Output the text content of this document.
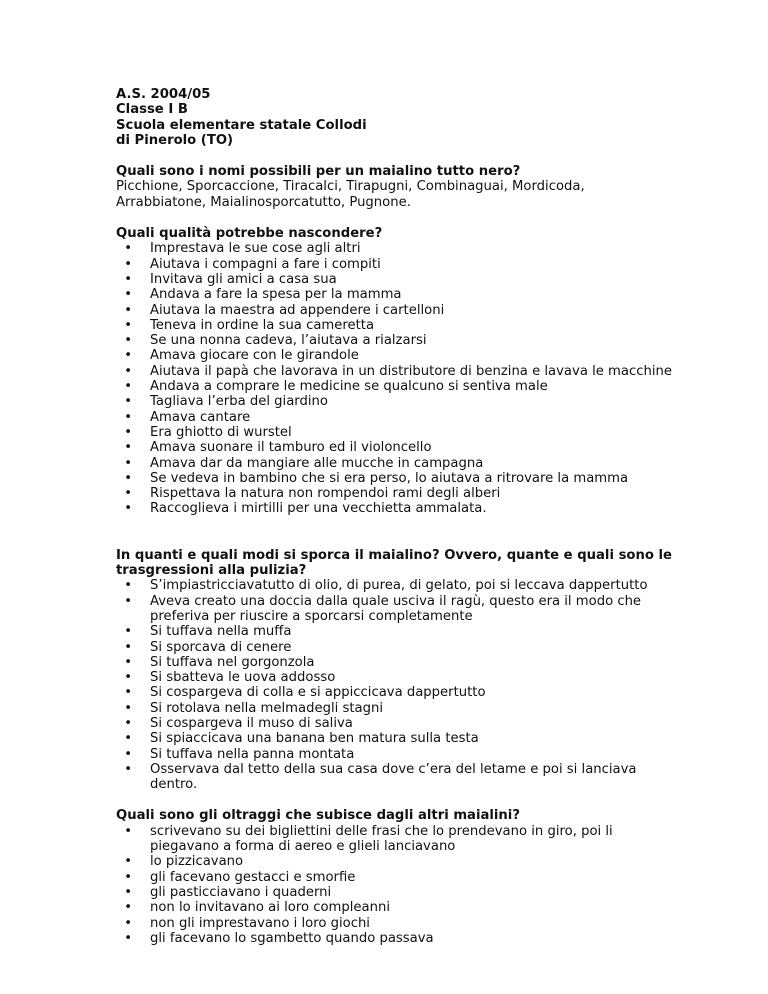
A.S. 2004/05
Classe I B
Scuola elementare statale Collodi
di Pinerolo (TO)
Quali sono i nomi possibili per un maialino tutto nero?
Picchione, Sporcaccione, Tiracalci, Tirapugni, Combinaguai, Mordicoda, Arrabbiatone, Maialinosporcatutto, Pugnone.
Quali qualità potrebbe nascondere?
• Imprestava le sue cose agli altri
• Aiutava i compagni a fare i compiti
• Invitava gli amici a casa sua
• Andava a fare la spesa per la mamma
• Aiutava la maestra ad appendere i cartelloni
• Teneva in ordine la sua cameretta
• Se una nonna cadeva, l’aiutava a rialzarsi
• Amava giocare con le girandole
• Aiutava il papà che lavorava in un distributore di benzina e lavava le macchine
• Andava a comprare le medicine se qualcuno si sentiva male
• Tagliava l’erba del giardino
• Amava cantare
• Era ghiotto di wurstel
• Amava suonare il tamburo ed il violoncello
• Amava dar da mangiare alle mucche in campagna
• Se vedeva in bambino che si era perso, lo aiutava a ritrovare la mamma
• Rispettava la natura non rompendoi rami degli alberi
• Raccoglieva i mirtilli per una vecchietta ammalata.
In quanti e quali modi si sporca il maialino? Ovvero, quante e quali sono le trasgressioni alla pulizia?
• S’impiastricciavatutto di olio, di purea, di gelato, poi si leccava dappertutto
• Aveva creato una doccia dalla quale usciva il ragù, questo era il modo che preferiva per riuscire a sporcarsi completamente
• Si tuffava nella muffa
• Si sporcava di cenere
• Si tuffava nel gorgonzola
• Si sbatteva le uova addosso
• Si cospargeva di colla e si appiccicava dappertutto
• Si rotolava nella melmadegli stagni
• Si cospargeva il muso di saliva
• Si spiaccicava una banana ben matura sulla testa
• Si tuffava nella panna montata
• Osservava dal tetto della sua casa dove c’era del letame e poi si lanciava dentro.
Quali sono gli oltraggi che subisce dagli altri maialini?
• scrivevano su dei bigliettini delle frasi che lo prendevano in giro, poi li piegavano a forma di aereo e glieli lanciavano
• lo pizzicavano
• gli facevano gestacci e smorfie
• gli pasticciavano i quaderni
• non lo invitavano ai loro compleanni
• non gli imprestavano i loro giochi
• gli facevano lo sgambetto quando passava
